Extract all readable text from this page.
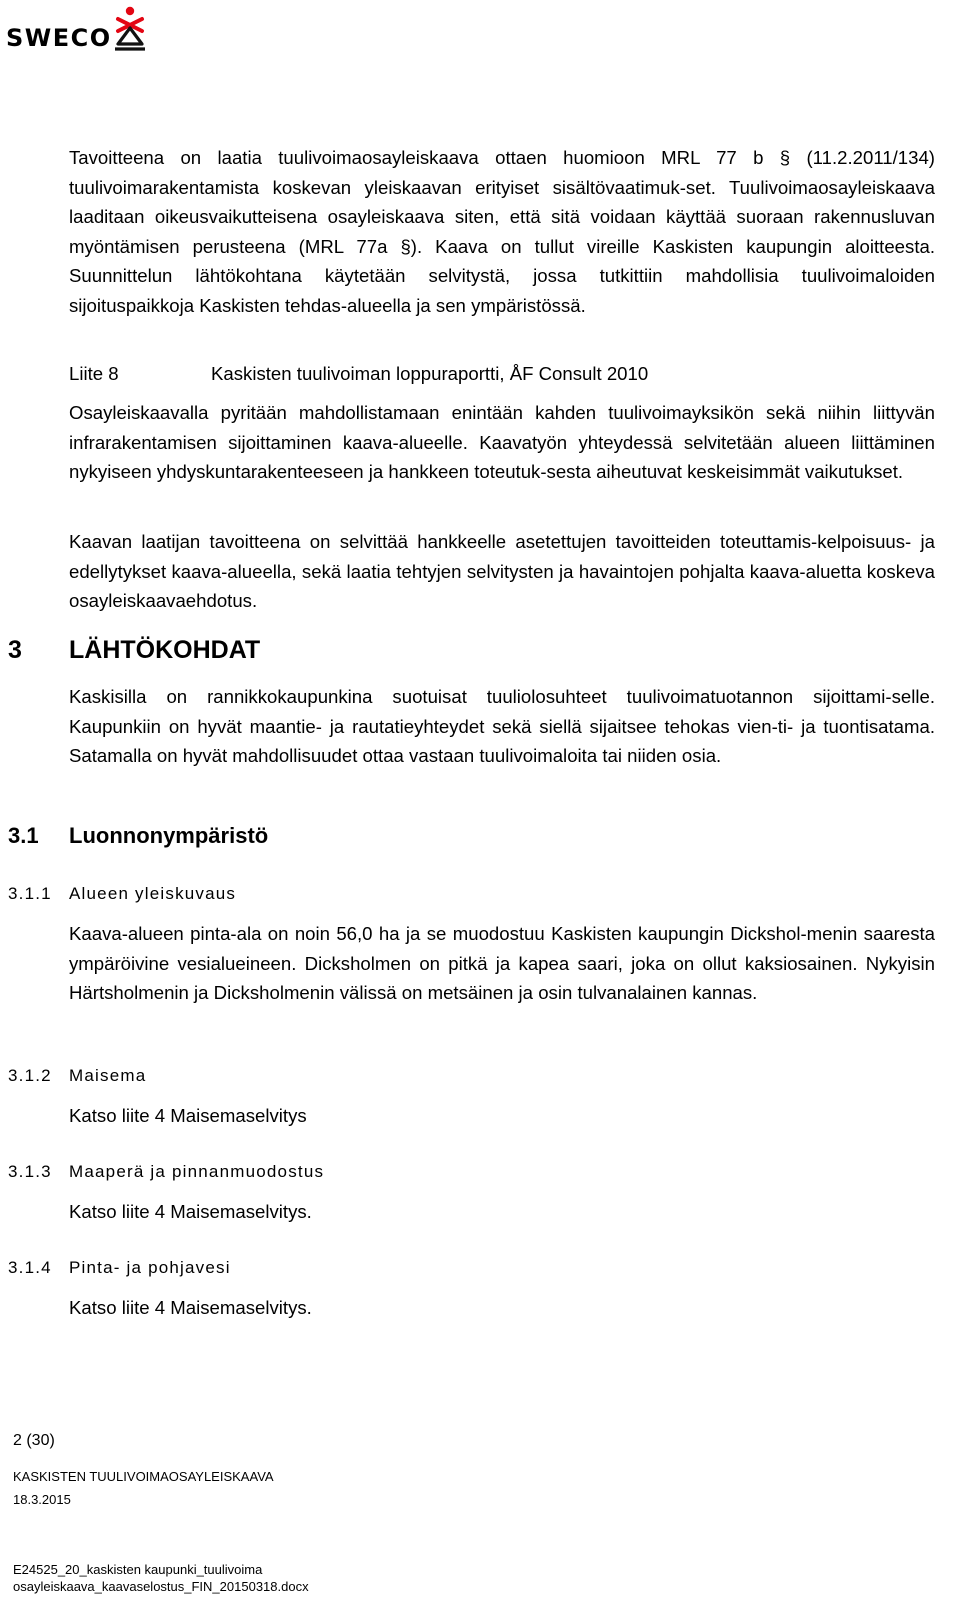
SWECO

Tavoitteena on laatia tuulivoimaosayleiskaava ottaen huomioon MRL 77 b § (11.2.2011/134) tuulivoimarakentamista koskevan yleiskaavan erityiset sisältövaatimuk-set. Tuulivoimaosayleiskaava laaditaan oikeusvaikutteisena osayleiskaava siten, että sitä voidaan käyttää suoraan rakennusluvan myöntämisen perusteena (MRL 77a §). Kaava on tullut vireille Kaskisten kaupungin aloitteesta. Suunnittelun lähtökohtana käytetään selvitystä, jossa tutkittiin mahdollisia tuulivoimaloiden sijoituspaikkoja Kaskisten tehdas-alueella ja sen ympäristössä.

Liite 8	Kaskisten tuulivoiman loppuraportti, ÅF Consult 2010

Osayleiskaavalla pyritään mahdollistamaan enintään kahden tuulivoimayksikön sekä niihin liittyvän infrarakentamisen sijoittaminen kaava-alueelle. Kaavatyön yhteydessä selvitetään alueen liittäminen nykyiseen yhdyskuntarakenteeseen ja hankkeen toteutuk-sesta aiheutuvat keskeisimmät vaikutukset.

Kaavan laatijan tavoitteena on selvittää hankkeelle asetettujen tavoitteiden toteuttamis-kelpoisuus- ja edellytykset kaava-alueella, sekä laatia tehtyjen selvitysten ja havaintojen pohjalta kaava-aluetta koskeva osayleiskaavaehdotus.

3 LÄHTÖKOHDAT

Kaskisilla on rannikkokaupunkina suotuisat tuuliolosuhteet tuulivoimatuotannon sijoittami-selle. Kaupunkiin on hyvät maantie- ja rautatieyhteydet sekä siellä sijaitsee tehokas vien-ti- ja tuontisatama. Satamalla on hyvät mahdollisuudet ottaa vastaan tuulivoimaloita tai niiden osia.

3.1 Luonnonympäristö
3.1.1 Alueen yleiskuvaus

Kaava-alueen pinta-ala on noin 56,0 ha ja se muodostuu Kaskisten kaupungin Dickshol-menin saaresta ympäröivine vesialueineen. Dicksholmen on pitkä ja kapea saari, joka on ollut kaksiosainen. Nykyisin Härtsholmenin ja Dicksholmenin välissä on metsäinen ja osin tulvanalainen kannas.

3.1.2 Maisema

Katso liite 4 Maisemaselvitys

3.1.3 Maaperä ja pinnanmuodostus

Katso liite 4 Maisemaselvitys.

3.1.4 Pinta- ja pohjavesi

Katso liite 4 Maisemaselvitys.

2 (30)
KASKISTEN TUULIVOIMAOSAYLEISKAAVA
18.3.2015
E24525_20_kaskisten kaupunki_tuulivoima
osayleiskaava_kaavaselostus_FIN_20150318.docx
